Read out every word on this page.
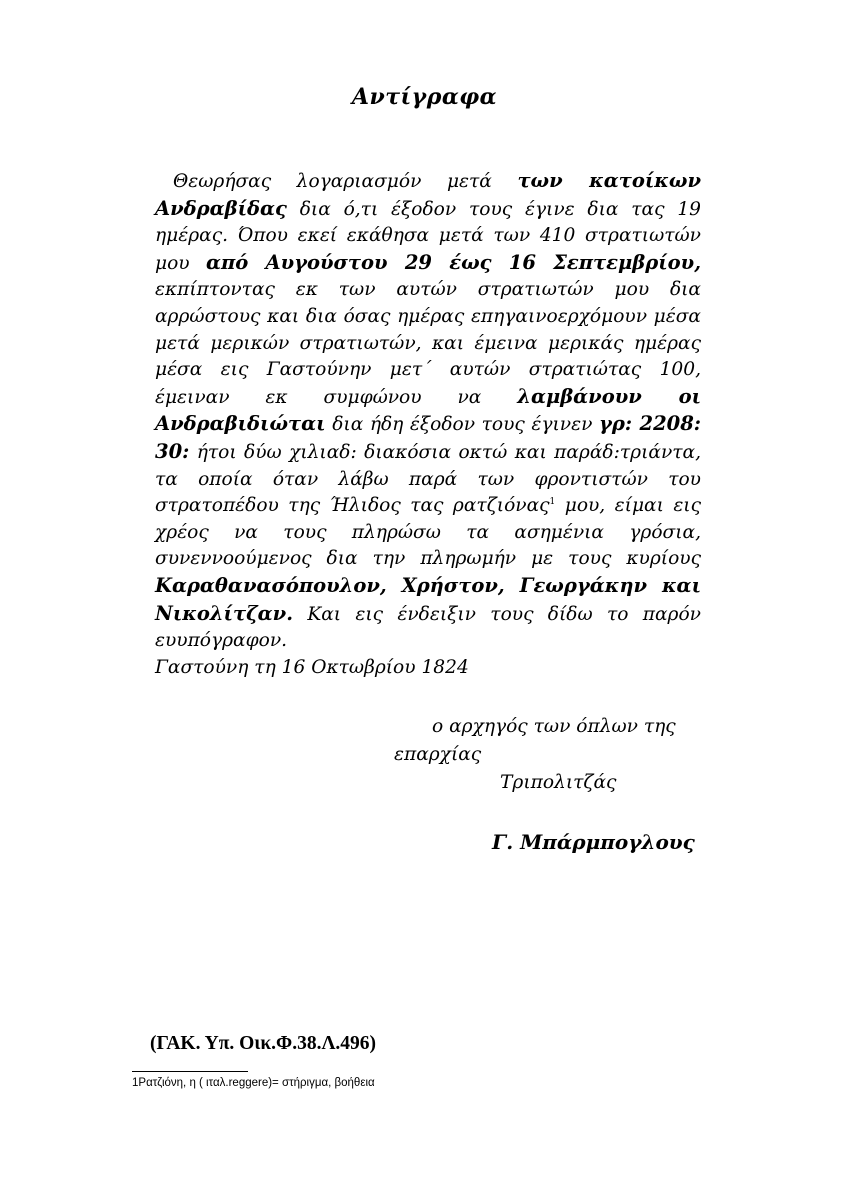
Αντίγραφα
Θεωρήσας λογαριασμόν μετά των κατοίκων Ανδραβίδας δια ό,τι έξοδον τους έγινε δια τας 19 ημέρας. Όπου εκεί εκάθησα μετά των 410 στρατιωτών μου από Αυγούστου 29 έως 16 Σεπτεμβρίου, εκπίπτοντας εκ των αυτών στρατιωτών μου δια αρρώστους και δια όσας ημέρας επηγαινοερχόμουν μέσα μετά μερικών στρατιωτών, και έμεινα μερικάς ημέρας μέσα εις Γαστούνην μετ΄ αυτών στρατιώτας 100, έμειναν εκ συμφώνου να λαμβάνουν οι Ανδραβιδιώται δια ήδη έξοδον τους έγινεν γρ: 2208: 30: ήτοι δύω χιλιαδ: διακόσια οκτώ και παράδ:τριάντα, τα οποία όταν λάβω παρά των φροντιστών του στρατοπέδου της Ήλιδος τας ρατζιόνας$^1$ μου, είμαι εις χρέος να τους πληρώσω τα ασημένια γρόσια, συνεννοούμενος δια την πληρωμήν με τους κυρίους Καραθανασόπουλον, Χρήστον, Γεωργάκην και Νικολίτζαν. Και εις ένδειξιν τους δίδω το παρόν ευυπόγραφον.
Γαστούνη τη 16 Οκτωβρίου 1824
ο αρχηγός των όπλων της
επαρχίας
Τριπολιτζάς
Γ. Μπάρμπογλους
(ΓΑΚ. Υπ. Οικ.Φ.38.Λ.496)
1Ρατζιόνη, η ( ιταλ.reggere)= στήριγμα, βοήθεια
